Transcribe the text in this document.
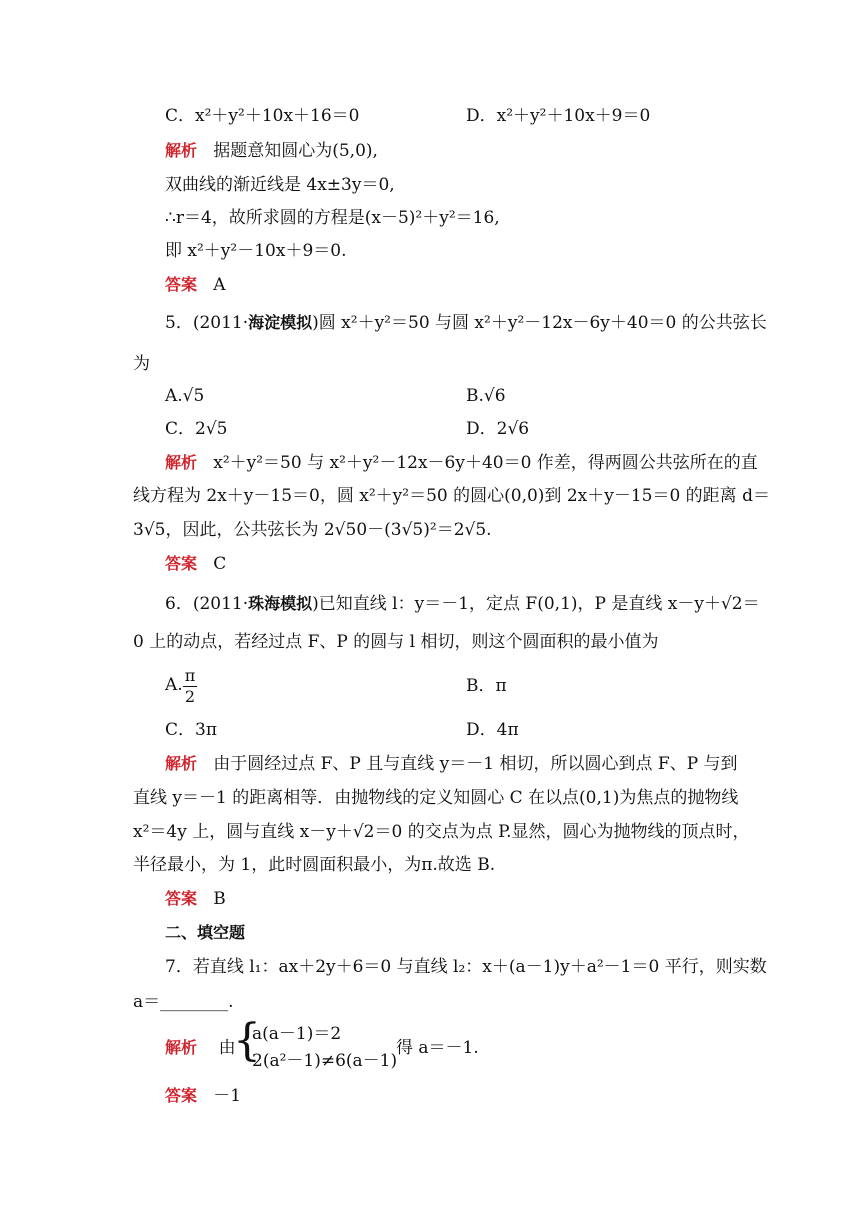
C．x²＋y²＋10x＋16＝0	D．x²＋y²＋10x＋9＝0
解析 据题意知圆心为(5,0),
双曲线的渐近线是 4x±3y＝0,
∴r＝4，故所求圆的方程是(x－5)²＋y²＝16,
即 x²＋y²－10x＋9＝0.
答案 A
5．(2011·海淀模拟)圆 x²＋y²＝50 与圆 x²＋y²－12x－6y＋40＝0 的公共弦长
为
A.√5	B.√6
C．2√5	D．2√6
解析 x²＋y²＝50 与 x²＋y²－12x－6y＋40＝0 作差，得两圆公共弦所在的直
线方程为 2x＋y－15＝0，圆 x²＋y²＝50 的圆心(0,0)到 2x＋y－15＝0 的距离 d＝
3√5，因此，公共弦长为 2√50－(3√5)²＝2√5.
答案 C
6．(2011·珠海模拟)已知直线 l：y＝－1，定点 F(0,1)，P 是直线 x－y＋√2＝
0 上的动点，若经过点 F、P 的圆与 l 相切，则这个圆面积的最小值为
A. $\frac{\pi}{2}$	B．π
C．3π	D．4π
解析 由于圆经过点 F、P 且与直线 y＝－1 相切，所以圆心到点 F、P 与到
直线 y＝－1 的距离相等．由抛物线的定义知圆心 C 在以点(0,1)为焦点的抛物线
x²＝4y 上，圆与直线 x－y＋√2＝0 的交点为点 P.显然，圆心为抛物线的顶点时，
半径最小，为 1，此时圆面积最小，为π.故选 B.
答案 B
二、填空题
7．若直线 l₁：ax＋2y＋6＝0 与直线 l₂：x＋(a－1)y＋a²－1＝0 平行，则实数
a＝________.
解析 由
{
a(a－1)＝2
2(a²－1)≠6(a－1)
得 a＝－1.
答案 －1
